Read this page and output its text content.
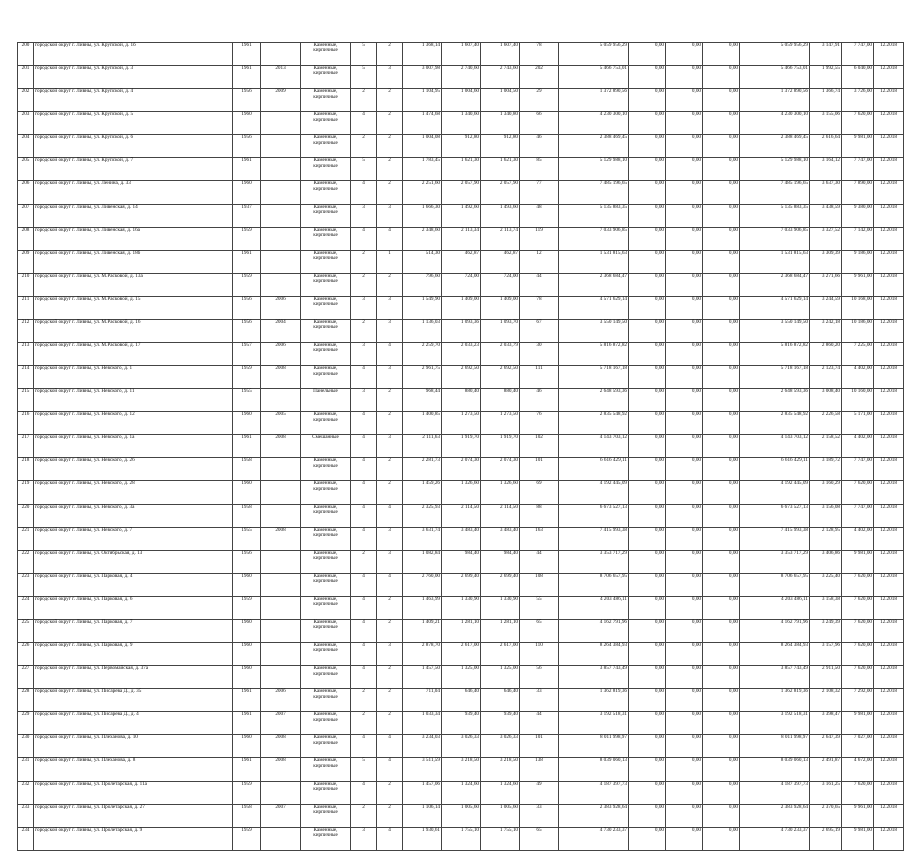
200	городской округ г. Ливны, ул. Крупской, д. 1б	1961		Каменные, кирпичные	5	2	1 368,14	1 607,40	1 607,40	78	5 059 956,29	0,00	0,00	0,00	5 059 956,29	3 147,91	7 747,00	12.2018
201	городской округ г. Ливны, ул. Крупской, д. 3	1961	2013	Каменные, кирпичные	5	3	3 007,98	2 740,60	2 743,60	202	5 466 753,01	0,00	0,00	0,00	5 466 753,01	1 992,55	6 040,00	12.2018
202	городской округ г. Ливны, ул. Крупской, д. 4	1956	2009	Каменные, кирпичные	2	2	1 104,95	1 004,60	1 004,50	29	1 372 890,56	0,00	0,00	0,00	1 372 890,56	1 366,74	3 726,00	12.2018
203	городской округ г. Ливны, ул. Крупской, д. 5	1960		Каменные, кирпичные	4	2	1 474,68	1 340,60	1 340,80	66	4 230 300,10	0,00	0,00	0,00	4 230 300,10	3 155,06	7 620,00	12.2018
204	городской округ г. Ливны, ул. Крупской, д. 6	1956		Каменные, кирпичные	2	2	1 004,08	912,80	912,80	46	2 388 469,45	0,00	0,00	0,00	2 388 469,45	2 616,64	9 981,00	12.2018
205	городской округ г. Ливны, ул. Крупской, д. 7	1961		Каменные, кирпичные	5	2	1 783,45	1 621,30	1 621,30	85	5 129 988,10	0,00	0,00	0,00	5 129 988,10	3 164,12	7 747,00	12.2018
206	городской округ г. Ливны, ул. Ленина, д. 33	1960		Каменные, кирпичные	4	2	2 251,60	2 057,90	2 057,90	77	7 485 196,65	0,00	0,00	0,00	7 485 196,65	3 637,30	7 890,00	12.2018
207	городской округ г. Ливны, ул. Ливенская, д. 14	1937		Каменные, кирпичные	3	3	1 666,30	1 492,60	1 493,60	48	5 135 883,35	0,00	0,00	0,00	5 135 883,35	3 438,59	9 380,00	12.2018
208	городской округ г. Ливны, ул. Ливенская, д. 16а	1959		Каменные, кирпичные	4	4	2 348,60	2 113,34	2 113,74	119	7 033 906,85	0,00	0,00	0,00	7 033 906,85	3 327,52	7 142,00	12.2018
209	городской округ г. Ливны, ул. Ливенская, д. 18б	1961		Каменные, кирпичные	2	1	514,30	462,87	462,87	12	1 531 815,63	0,00	0,00	0,00	1 531 815,63	3 309,39	9 186,00	12.2018
210	городской округ г. Ливны, ул. М.Расковой, д. 13а	1959		Каменные, кирпичные	2	2	796,60	724,00	724,00	44	2 368 684,47	0,00	0,00	0,00	2 368 684,47	3 271,66	9 961,00	12.2018
211	городской округ г. Ливны, ул. М.Расковой, д. 15	1956	2006	Каменные, кирпичные	3	3	1 549,90	1 409,00	1 409,00	78	4 571 629,14	0,00	0,00	0,00	4 571 629,14	3 244,59	10 168,00	12.2018
212	городской округ г. Ливны, ул. М.Расковой, д. 16	1956	2004	Каменные, кирпичные	2	3	1 136,03	1 093,36	1 093,70	67	3 550 149,50	0,00	0,00	0,00	3 550 149,50	3 242,18	10 186,00	12.2018
213	городской округ г. Ливны, ул. М.Расковой, д. 17	1957	2006	Каменные, кирпичные	3	4	2 259,70	2 033,23	2 033,79	30	5 816 872,82	0,00	0,00	0,00	5 816 872,82	2 860,20	7 225,00	12.2018
214	городской округ г. Ливны, ул. Невского, д. 1	1959	2008	Каменные, кирпичные	4	3	2 961,75	2 692,50	2 692,50	111	5 718 167,18	0,00	0,00	0,00	5 718 167,18	2 123,74	4 402,00	12.2018
215	городской округ г. Ливны, ул. Невского, д. 11	1955		Панельные	3	2	968,44	880,40	880,40	46	2 648 593,36	0,00	0,00	0,00	2 648 593,36	3 008,40	10 160,00	12.2018
216	городской округ г. Ливны, ул. Невского, д. 12	1960	2005	Каменные, кирпичные	4	2	1 400,85	1 273,50	1 273,50	76	2 835 548,92	0,00	0,00	0,00	2 835 548,92	2 226,58	5 171,00	12.2018
217	городской округ г. Ливны, ул. Невского, д. 1а	1961	2008	Смешанные	4	3	2 111,63	1 919,70	1 919,70	102	4 143 703,12	0,00	0,00	0,00	4 143 703,12	2 158,52	4 402,00	12.2018
218	городской округ г. Ливны, ул. Невского, д. 26	1958		Каменные, кирпичные	4	2	2 281,73	2 074,30	2 074,30	101	6 616 429,11	0,00	0,00	0,00	6 616 429,11	3 189,72	7 747,00	12.2018
219	городской округ г. Ливны, ул. Невского, д. 28	1960		Каменные, кирпичные	4	2	1 459,26	1 326,60	1 326,60	69	4 192 445,09	0,00	0,00	0,00	4 192 445,09	3 160,29	7 620,00	12.2018
220	городской округ г. Ливны, ул. Невского, д. 3а	1958		Каменные, кирпичные	4	4	2 325,93	2 114,50	2 114,50	88	6 673 527,13	0,00	0,00	0,00	6 673 527,13	3 156,08	7 747,00	12.2018
221	городской округ г. Ливны, ул. Невского, д. 7	1955	2008	Каменные, кирпичные	4	3	3 631,74	3 483,40	3 483,40	163	7 415 993,38	0,00	0,00	0,00	7 415 993,38	2 128,95	4 402,00	12.2018
222	городской округ г. Ливны, ул. Октябрьская, д. 13	1956		Каменные, кирпичные	2	3	1 082,84	984,40	984,40	44	3 353 717,29	0,00	0,00	0,00	3 353 717,29	3 406,86	9 981,00	12.2018
223	городской округ г. Ливны, ул. Парковая, д. 4	1960		Каменные, кирпичные	4	4	2 760,00	2 699,40	2 699,40	108	8 706 657,95	0,00	0,00	0,00	8 706 657,95	3 225,40	7 620,00	12.2018
224	городской округ г. Ливны, ул. Парковая, д. 6	1959		Каменные, кирпичные	4	2	1 463,99	1 330,90	1 330,90	55	4 203 486,11	0,00	0,00	0,00	4 203 486,11	3 158,38	7 620,00	12.2018
225	городской округ г. Ливны, ул. Парковая, д. 7	1960		Каменные, кирпичные	4	2	1 409,21	1 281,10	1 281,10	65	4 162 791,96	0,00	0,00	0,00	4 162 791,96	3 249,39	7 620,00	12.2018
226	городской округ г. Ливны, ул. Парковая, д. 9	1960		Каменные, кирпичные	4	3	2 878,70	2 617,00	2 617,00	110	8 264 384,93	0,00	0,00	0,00	8 264 384,93	3 157,96	7 620,00	12.2018
227	городской округ г. Ливны, ул. Первомайская, д. 37а	1960		Каменные, кирпичные	4	2	1 457,50	1 325,00	1 325,00	56	3 857 743,49	0,00	0,00	0,00	3 857 743,49	2 911,50	7 620,00	12.2018
228	городской округ г. Ливны, ул. Писарева Д., д. 35	1961	2006	Каменные, кирпичные	2	2	711,04	646,40	646,40	33	1 362 819,36	0,00	0,00	0,00	1 362 819,36	2 108,32	7 292,00	12.2018
229	городской округ г. Ливны, ул. Писарева Д., д. 4	1961	2007	Каменные, кирпичные	2	2	1 033,34	939,40	939,40	44	3 192 518,31	0,00	0,00	0,00	3 192 518,31	3 398,47	9 981,00	12.2018
230	городской округ г. Ливны, ул. Плеханова, д. 10	1960	2008	Каменные, кирпичные	4	4	3 234,03	3 026,33	3 026,33	101	8 011 998,97	0,00	0,00	0,00	8 011 998,97	2 647,39	7 027,00	12.2018
231	городской округ г. Ливны, ул. Плеханова, д. 8	1961	2008	Каменные, кирпичные	5	4	3 511,59	3 218,50	3 218,50	138	8 039 060,13	0,00	0,00	0,00	8 039 060,13	2 491,87	4 672,00	12.2018
232	городской округ г. Ливны, ул. Пролетарская, д. 11а	1959		Каменные, кирпичные	4	2	1 457,06	1 324,60	1 324,60	49	4 187 397,73	0,00	0,00	0,00	4 187 397,73	3 161,25	7 620,00	12.2018
233	городской округ г. Ливны, ул. Пролетарская, д. 27	1958	2007	Каменные, кирпичные	2	2	1 106,14	1 005,60	1 005,60	33	2 383 928,64	0,00	0,00	0,00	2 383 928,64	2 370,65	9 961,00	12.2018
234	городской округ г. Ливны, ул. Пролетарская, д. 9	1959		Каменные, кирпичные	3	4	1 930,61	1 755,10	1 755,10	65	4 730 233,37	0,00	0,00	0,00	4 730 233,37	2 695,19	9 981,00	12.2018
